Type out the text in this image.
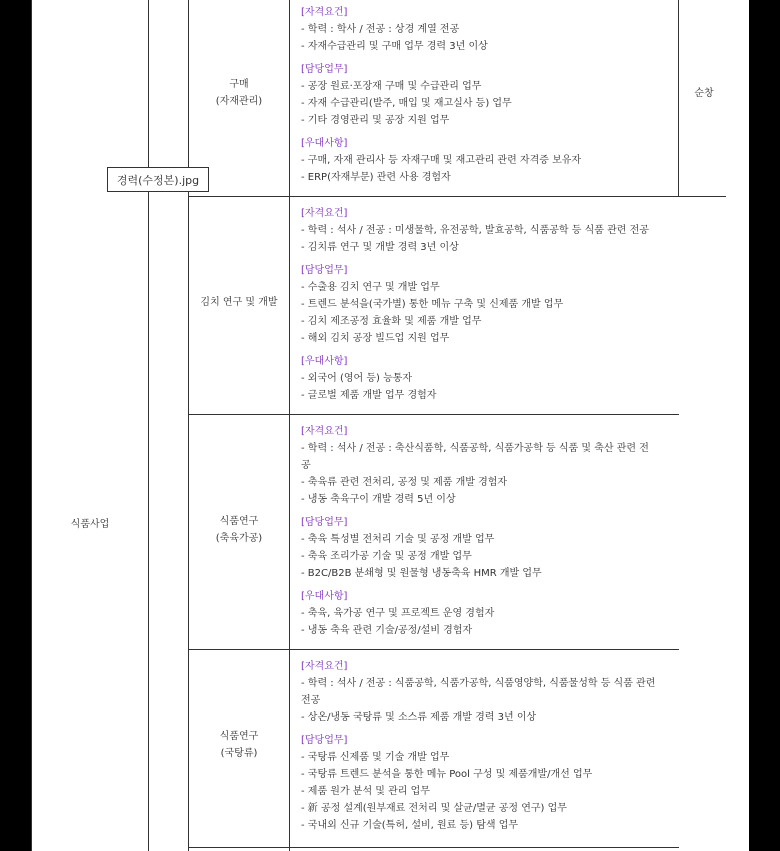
식품사업
구매
(자재관리)
순창
[자격요건]
- 학력 : 학사 / 전공 : 상경 계열 전공
- 자재수급관리 및 구매 업무 경력 3년 이상
[담당업무]
- 공장 원료·포장재 구매 및 수급관리 업무
- 자재 수급관리(발주, 매입 및 재고실사 등) 업무
- 기타 경영관리 및 공장 지원 업무
[우대사항]
- 구매, 자재 관리사 등 자재구매 및 재고관리 관련 자격증 보유자
- ERP(자재부문) 관련 사용 경험자
김치 연구 및 개발
[자격요건]
- 학력 : 석사 / 전공 : 미생물학, 유전공학, 발효공학, 식품공학 등 식품 관련 전공
- 김치류 연구 및 개발 경력 3년 이상
[담당업무]
- 수출용 김치 연구 및 개발 업무
- 트렌드 분석을(국가별) 통한 메뉴 구축 및 신제품 개발 업무
- 김치 제조공정 효율화 및 제품 개발 업무
- 해외 김치 공장 빌드업 지원 업무
[우대사항]
- 외국어 (영어 등) 능통자
- 글로벌 제품 개발 업무 경험자
식품연구
(축육가공)
[자격요건]
- 학력 : 석사 / 전공 : 축산식품학, 식품공학, 식품가공학 등 식품 및 축산 관련 전
공
- 축육류 관련 전처리, 공정 및 제품 개발 경험자
- 냉동 축육구이 개발 경력 5년 이상
[담당업무]
- 축육 특성별 전처리 기술 및 공정 개발 업무
- 축육 조리가공 기술 및 공정 개발 업무
- B2C/B2B 분쇄형 및 원물형 냉동축육 HMR 개발 업무
[우대사항]
- 축육, 육가공 연구 및 프로젝트 운영 경험자
- 냉동 축육 관련 기술/공정/설비 경험자
식품연구
(국탕류)
[자격요건]
- 학력 : 석사 / 전공 : 식품공학, 식품가공학, 식품영양학, 식품물성학 등 식품 관련
전공
- 상온/냉동 국탕류 및 소스류 제품 개발 경력 3년 이상
[담당업무]
- 국탕류 신제품 및 기술 개발 업무
- 국탕류 트렌드 분석을 통한 메뉴 Pool 구성 및 제품개발/개선 업무
- 제품 원가 분석 및 관리 업무
- 新 공정 설계(원부재료 전처리 및 살균/멸균 공정 연구) 업무
- 국내외 신규 기술(특허, 설비, 원료 등) 탐색 업무
경력(수정본).jpg
